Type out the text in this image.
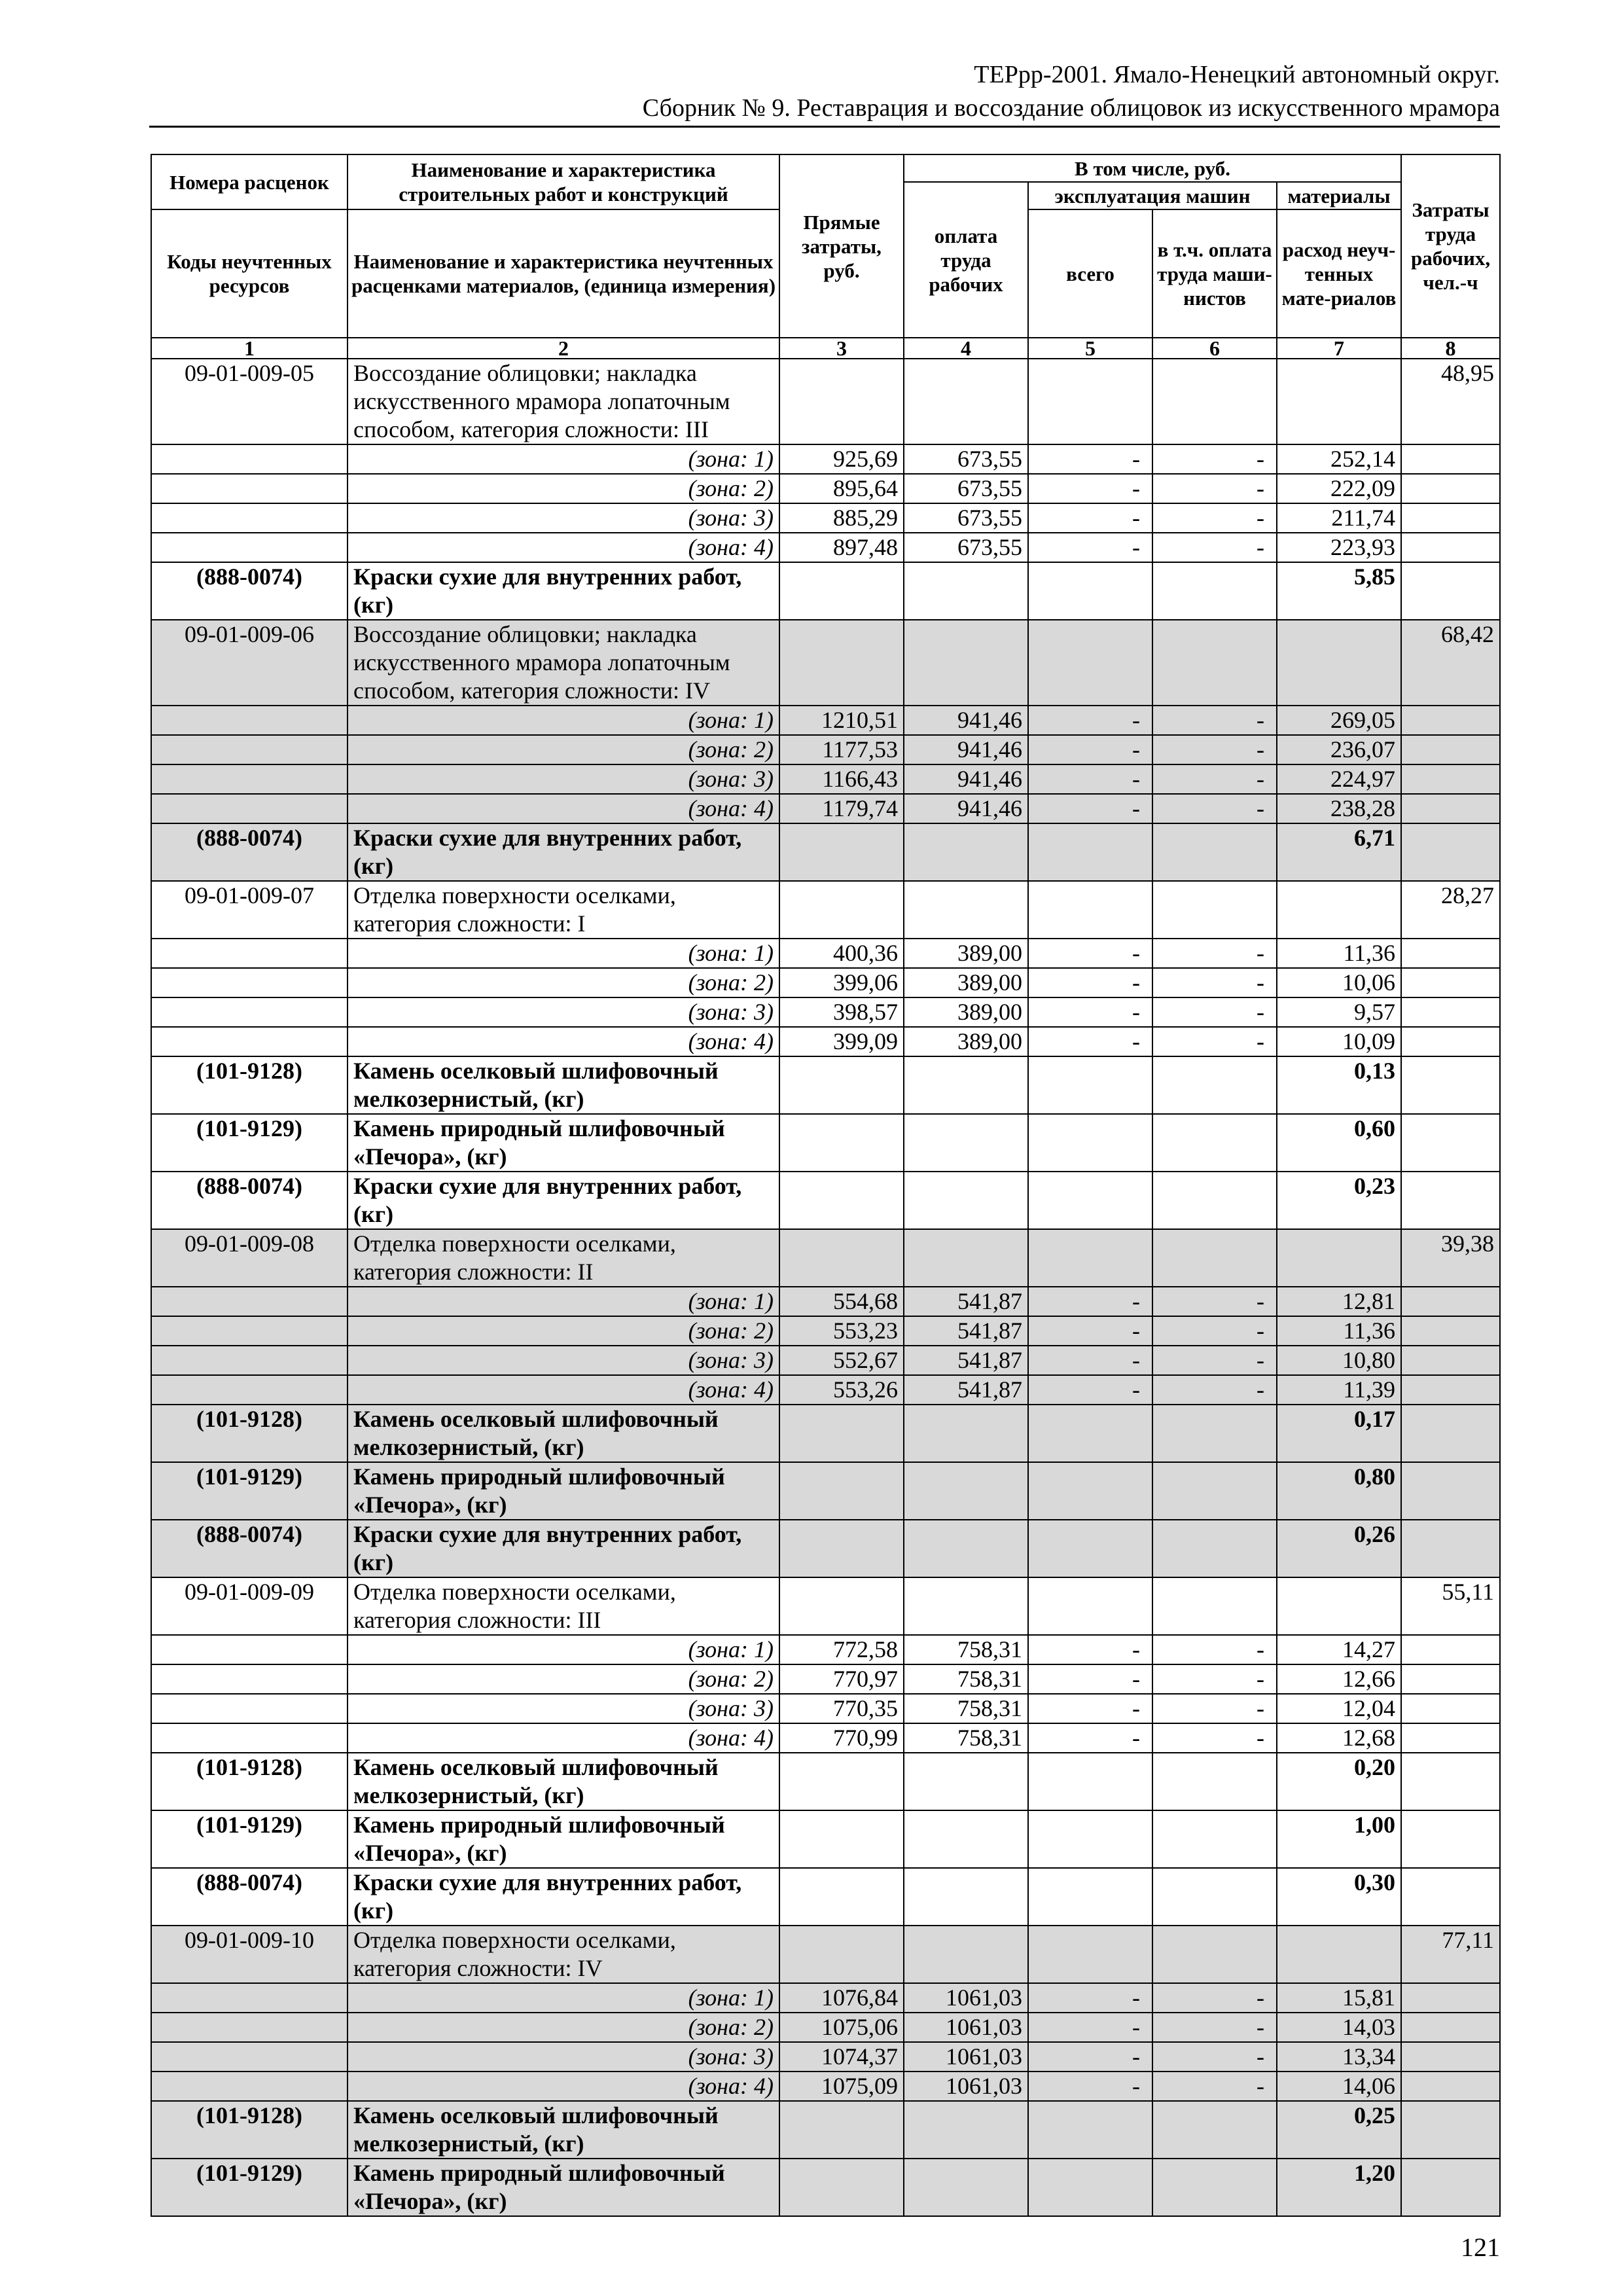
ТЕРрр-2001. Ямало-Ненецкий автономный округ.
Сборник № 9. Реставрация и воссоздание облицовок из искусственного мрамора
Номера расценок	Наименование и характеристика строительных работ и конструкций	Прямые затраты, руб.	В том числе, руб.				Затраты труда рабочих, чел.-ч
			оплата труда рабочих	эксплуатация машин		материалы	
Коды неучтенных ресурсов	Наименование и характеристика неучтенных расценками материалов, (единица измерения)			всего	в т.ч. оплата труда маши-нистов	расход неуч-тенных мате-риалов	

1	2	3	4	5	6	7	8
09-01-009-05	Воссоздание облицовки; накладка искусственного мрамора лопаточным способом, категория сложности: III						48,95
	(зона: 1)	925,69	673,55	-	-	252,14	
	(зона: 2)	895,64	673,55	-	-	222,09	
	(зона: 3)	885,29	673,55	-	-	211,74	
	(зона: 4)	897,48	673,55	-	-	223,93	
(888-0074)	Краски сухие для внутренних работ, (кг)					5,85	
09-01-009-06	Воссоздание облицовки; накладка искусственного мрамора лопаточным способом, категория сложности: IV						68,42
	(зона: 1)	1210,51	941,46	-	-	269,05	
	(зона: 2)	1177,53	941,46	-	-	236,07	
	(зона: 3)	1166,43	941,46	-	-	224,97	
	(зона: 4)	1179,74	941,46	-	-	238,28	
(888-0074)	Краски сухие для внутренних работ, (кг)					6,71	
09-01-009-07	Отделка поверхности оселками, категория сложности: I						28,27
	(зона: 1)	400,36	389,00	-	-	11,36	
	(зона: 2)	399,06	389,00	-	-	10,06	
	(зона: 3)	398,57	389,00	-	-	9,57	
	(зона: 4)	399,09	389,00	-	-	10,09	
(101-9128)	Камень оселковый шлифовочный мелкозернистый, (кг)					0,13	
(101-9129)	Камень природный шлифовочный «Печора», (кг)					0,60	
(888-0074)	Краски сухие для внутренних работ, (кг)					0,23	
09-01-009-08	Отделка поверхности оселками, категория сложности: II						39,38
	(зона: 1)	554,68	541,87	-	-	12,81	
	(зона: 2)	553,23	541,87	-	-	11,36	
	(зона: 3)	552,67	541,87	-	-	10,80	
	(зона: 4)	553,26	541,87	-	-	11,39	
(101-9128)	Камень оселковый шлифовочный мелкозернистый, (кг)					0,17	
(101-9129)	Камень природный шлифовочный «Печора», (кг)					0,80	
(888-0074)	Краски сухие для внутренних работ, (кг)					0,26	
09-01-009-09	Отделка поверхности оселками, категория сложности: III						55,11
	(зона: 1)	772,58	758,31	-	-	14,27	
	(зона: 2)	770,97	758,31	-	-	12,66	
	(зона: 3)	770,35	758,31	-	-	12,04	
	(зона: 4)	770,99	758,31	-	-	12,68	
(101-9128)	Камень оселковый шлифовочный мелкозернистый, (кг)					0,20	
(101-9129)	Камень природный шлифовочный «Печора», (кг)					1,00	
(888-0074)	Краски сухие для внутренних работ, (кг)					0,30	
09-01-009-10	Отделка поверхности оселками, категория сложности: IV						77,11
	(зона: 1)	1076,84	1061,03	-	-	15,81	
	(зона: 2)	1075,06	1061,03	-	-	14,03	
	(зона: 3)	1074,37	1061,03	-	-	13,34	
	(зона: 4)	1075,09	1061,03	-	-	14,06	
(101-9128)	Камень оселковый шлифовочный мелкозернистый, (кг)					0,25	
(101-9129)	Камень природный шлифовочный «Печора», (кг)					1,20	
121
